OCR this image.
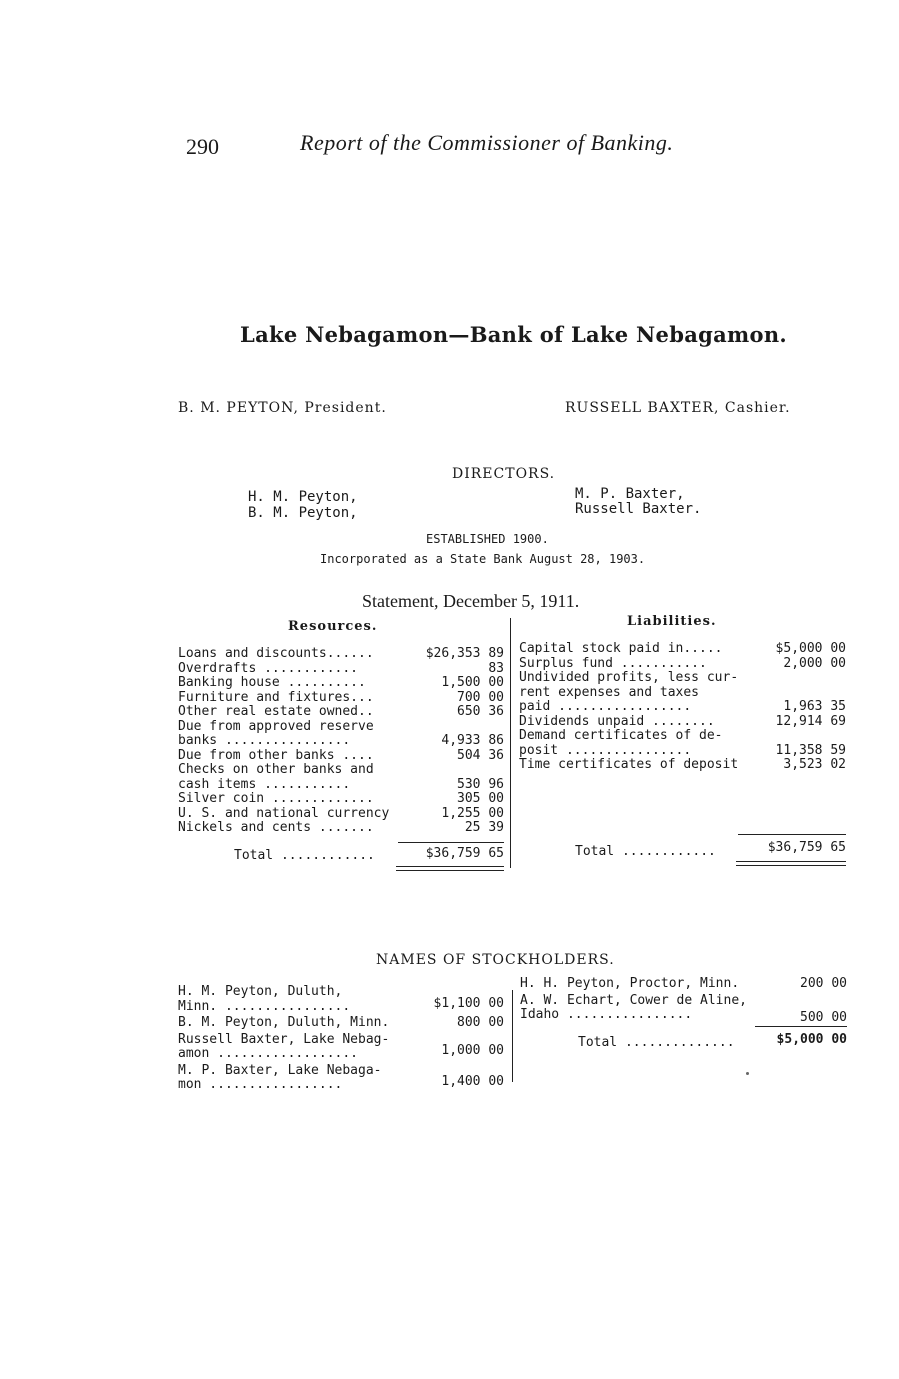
290	Report of the Commissioner of Banking.
Lake Nebagamon—Bank of Lake Nebagamon.
B. M. PEYTON, President.	RUSSELL BAXTER, Cashier.
DIRECTORS.
H. M. Peyton,
B. M. Peyton,
M. P. Baxter,
Russell Baxter.
ESTABLISHED 1900.
Incorporated as a State Bank August 28, 1903.
Statement, December 5, 1911.
Resources.	Liabilities.
Loans and discounts......	$26,353 89
Overdrafts ............	83
Banking house ..........	1,500 00
Furniture and fixtures...	700 00
Other real estate owned..	650 36
Due from approved reserve
banks ................	4,933 86
Due from other banks ....	504 36
Checks on other banks and
cash items ...........	530 96
Silver coin .............	305 00
U. S. and national currency	1,255 00
Nickels and cents .......	25 39
Capital stock paid in.....	$5,000 00
Surplus fund ...........	2,000 00
Undivided profits, less cur-
rent expenses and taxes
paid .................	1,963 35
Dividends unpaid ........	12,914 69
Demand certificates of de-
posit ................	11,358 59
Time certificates of deposit	3,523 02
Total ............	$36,759 65	Total ............	$36,759 65
NAMES OF STOCKHOLDERS.
H. M. Peyton, Duluth,
Minn. ................	$1,100 00
B. M. Peyton, Duluth, Minn.	800 00
Russell Baxter, Lake Nebag-
amon ..................	1,000 00
M. P. Baxter, Lake Nebaga-
mon .................	1,400 00
H. H. Peyton, Proctor, Minn.	200 00
A. W. Echart, Cower de Aline,
Idaho ................	500 00
Total ..............	$5,000 00
